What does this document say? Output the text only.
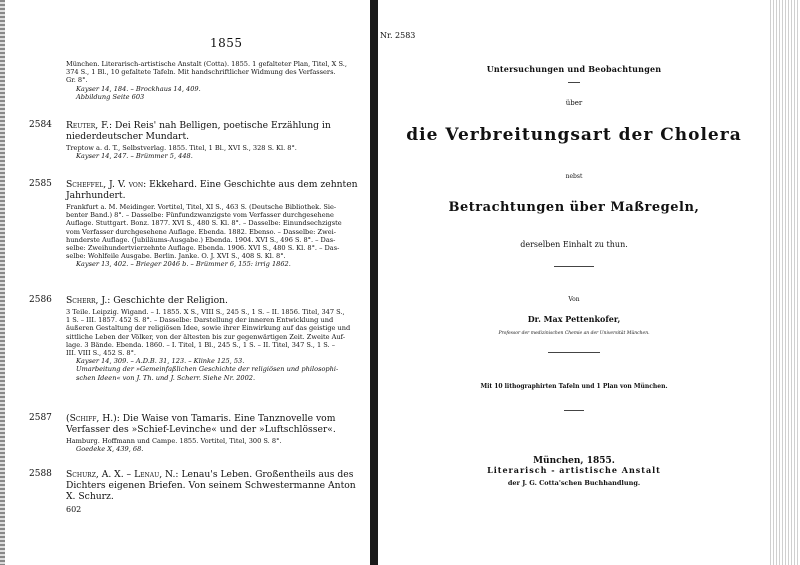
1855

München. Literarisch-artistische Anstalt (Cotta). 1855. 1 gefalteter Plan, Titel, X S.,
374 S., 1 Bl., 10 gefaltete Tafeln. Mit handschriftlicher Widmung des Verfassers.
Gr. 8°.

Kayser 14, 184. – Brockhaus 14, 409.
Abbildung Seite 603

2584 Reuter, F.: Dei Reis' nah Belligen, poetische Erzählung in niederdeutscher Mundart.

Treptow a. d. T., Selbstverlag. 1855. Titel, 1 Bl., XVI S., 328 S. Kl. 8°.

Kayser 14, 247. – Brümmer 5, 448.

2585 Scheffel, J. V. von: Ekkehard. Eine Geschichte aus dem zehnten Jahrhundert.

Frankfurt a. M. Meidinger. Vortitel, Titel, XI S., 463 S. (Deutsche Bibliothek. Sie-
benter Band.) 8°. – Dasselbe: Fünfundzwanzigste vom Verfasser durchgesehene
Auflage. Stuttgart. Bonz. 1877. XVI S., 480 S. Kl. 8°. – Dasselbe: Einundsechzigste
vom Verfasser durchgesehene Auflage. Ebenda. 1882. Ebenso. – Dasselbe: Zwei-
hunderste Auflage. (Jubiläums-Ausgabe.) Ebenda. 1904. XVI S., 496 S. 8°. – Das-
selbe: Zweihundertvierzehnte Auflage. Ebenda. 1906. XVI S., 480 S. Kl. 8°. – Das-
selbe: Wohlfeile Ausgabe. Berlin. Janke. O. J. XVI S., 408 S. Kl. 8°.

Kayser 13, 402. – Brieger 2046 b. – Brümmer 6, 155: irrig 1862.

2586 Scherr, J.: Geschichte der Religion.

3 Teile. Leipzig. Wigand. – I. 1855. X S., VIII S., 245 S., 1 S. – II. 1856. Titel, 347 S.,
1 S. – III. 1857. 452 S. 8°. – Dasselbe: Darstellung der inneren Entwicklung und
äußeren Gestaltung der religiösen Idee, sowie ihrer Einwirkung auf das geistige und
sittliche Leben der Völker, von der ältesten bis zur gegenwärtigen Zeit. Zweite Auf-
lage. 3 Bände. Ebenda. 1860. – I. Titel, 1 Bl., 245 S., 1 S. – II. Titel, 347 S., 1 S. –
III. VIII S., 452 S. 8°.

Kayser 14, 309. – A.D.B. 31, 123. – Klinke 125, 53.
Umarbeitung der »Gemeinfaßlichen Geschichte der religiösen und philosophi-
schen Ideen« von J. Th. und J. Scherr. Siehe Nr. 2002.

2587 (Schiff, H.): Die Waise von Tamaris. Eine Tanznovelle vom Verfasser des »Schief-Levinche« und der »Luftschlösser«.

Hamburg. Hoffmann und Campe. 1855. Vortitel, Titel, 300 S. 8°.

Goedeke X, 439, 68.

2588 Schurz, A. X. – Lenau, N.: Lenau's Leben. Großentheils aus des Dichters eigenen Briefen. Von seinem Schwestermanne Anton X. Schurz.

602
Nr. 2583
Untersuchungen und Beobachtungen
über
die Verbreitungsart der Cholera
nebst
Betrachtungen über Maßregeln,
derselben Einhalt zu thun.
Von
Dr. Max Pettenkofer,
Professor der medizinischen Chemie an der Universität München.
Mit 10 lithographirten Tafeln und 1 Plan von München.
München, 1855.
Literarisch - artistische Anstalt
der J. G. Cotta'schen Buchhandlung.
